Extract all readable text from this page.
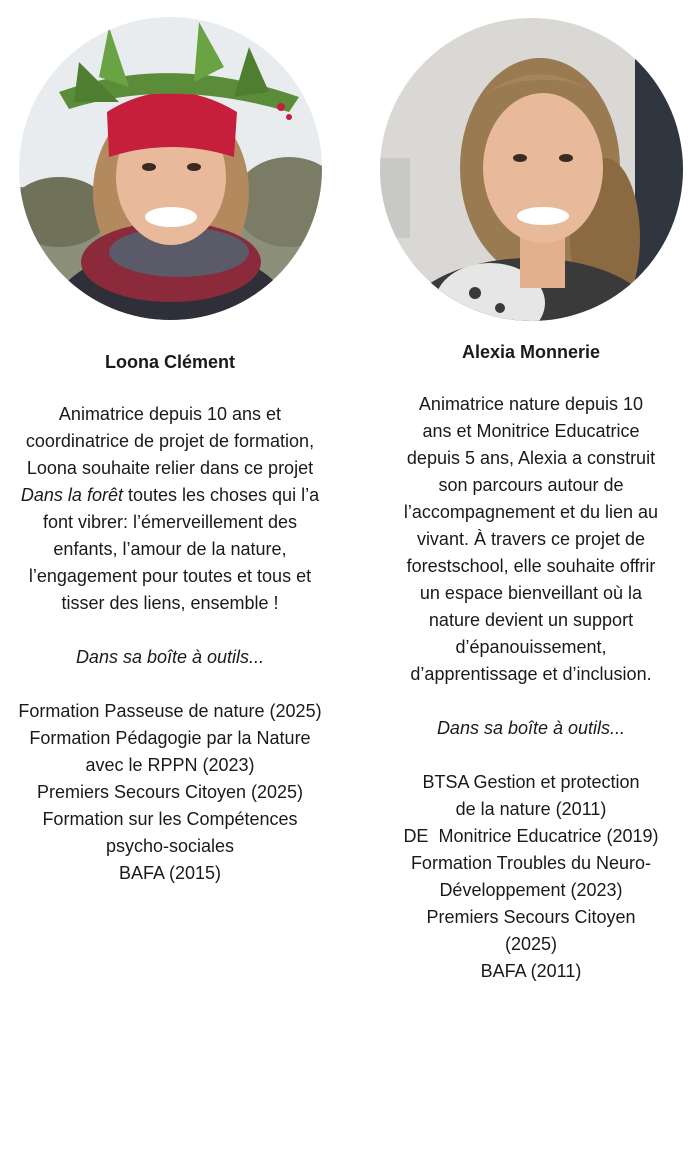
Loona Clément

Animatrice depuis 10 ans et

coordinatrice de projet de formation,

Loona souhaite relier dans ce projet

Dans la forêt toutes les choses qui l’a

font vibrer: l’émerveillement des

enfants, l’amour de la nature,

l’engagement pour toutes et tous et

tisser des liens, ensemble !

Dans sa boîte à outils...

Formation Passeuse de nature (2025)

Formation Pédagogie par la Nature

avec le RPPN (2023)

Premiers Secours Citoyen (2025)

Formation sur les Compétences

psycho-sociales

BAFA (2015)

Alexia Monnerie

Animatrice nature depuis 10

ans et Monitrice Educatrice

depuis 5 ans, Alexia a construit

son parcours autour de

l’accompagnement et du lien au

vivant. À travers ce projet de

forestschool, elle souhaite offrir

un espace bienveillant où la

nature devient un support

d’épanouissement,

d’apprentissage et d’inclusion.

Dans sa boîte à outils...

BTSA Gestion et protection

de la nature (2011)

DE  Monitrice Educatrice (2019)

Formation Troubles du Neuro-

Développement (2023)

Premiers Secours Citoyen

(2025)

BAFA (2011)
